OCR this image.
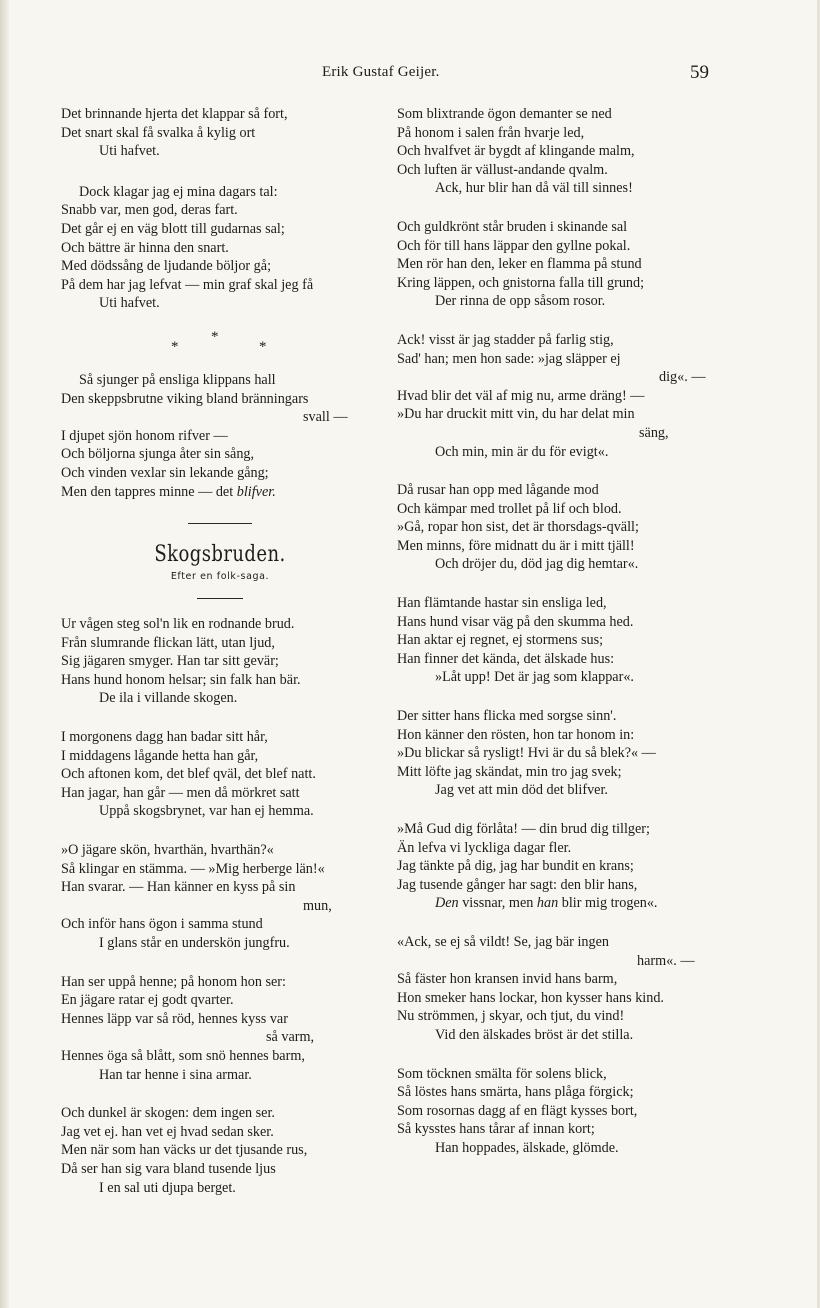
Erik Gustaf Geijer.	59
Det brinnande hjerta det klappar så fort,
Det snart skal få svalka å kylig ort
Uti hafvet.
Dock klagar jag ej mina dagars tal:
Snabb var, men god, deras fart.
Det går ej en väg blott till gudarnas sal;
Och bättre är hinna den snart.
Med dödssång de ljudande böljor gå;
På dem har jag lefvat — min graf skal jeg få
Uti hafvet.
*
*
*
Så sjunger på ensliga klippans hall
Den skeppsbrutne viking bland bränningars
svall —
I djupet sjön honom rifver —
Och böljorna sjunga åter sin sång,
Och vinden vexlar sin lekande gång;
Men den tappres minne — det blifver.
Skogsbruden.
Efter en folk-saga.
Ur vågen steg sol'n lik en rodnande brud.
Från slumrande flickan lätt, utan ljud,
Sig jägaren smyger. Han tar sitt gevär;
Hans hund honom helsar; sin falk han bär.
De ila i villande skogen.
I morgonens dagg han badar sitt hår,
I middagens lågande hetta han går,
Och aftonen kom, det blef qväl, det blef natt.
Han jagar, han går — men då mörkret satt
Uppå skogsbrynet, var han ej hemma.
»O jägare skön, hvarthän, hvarthän?«
Så klingar en stämma. — »Mig herberge län!«
Han svarar. — Han känner en kyss på sin
mun,
Och inför hans ögon i samma stund
I glans står en underskön jungfru.
Han ser uppå henne; på honom hon ser:
En jägare ratar ej godt qvarter.
Hennes läpp var så röd, hennes kyss var
så varm,
Hennes öga så blått, som snö hennes barm,
Han tar henne i sina armar.
Och dunkel är skogen: dem ingen ser.
Jag vet ej. han vet ej hvad sedan sker.
Men när som han väcks ur det tjusande rus,
Då ser han sig vara bland tusende ljus
I en sal uti djupa berget.
Som blixtrande ögon demanter se ned
På honom i salen från hvarje led,
Och hvalfvet är bygdt af klingande malm,
Och luften är vällust-andande qvalm.
Ack, hur blir han då väl till sinnes!
Och guldkrönt står bruden i skinande sal
Och för till hans läppar den gyllne pokal.
Men rör han den, leker en flamma på stund
Kring läppen, och gnistorna falla till grund;
Der rinna de opp såsom rosor.
Ack! visst är jag stadder på farlig stig,
Sad' han; men hon sade: »jag släpper ej
dig«. —
Hvad blir det väl af mig nu, arme dräng! —
»Du har druckit mitt vin, du har delat min
säng,
Och min, min är du för evigt«.
Då rusar han opp med lågande mod
Och kämpar med trollet på lif och blod.
»Gå, ropar hon sist, det är thorsdags-qväll;
Men minns, före midnatt du är i mitt tjäll!
Och dröjer du, död jag dig hemtar«.
Han flämtande hastar sin ensliga led,
Hans hund visar väg på den skumma hed.
Han aktar ej regnet, ej stormens sus;
Han finner det kända, det älskade hus:
»Låt upp! Det är jag som klappar«.
Der sitter hans flicka med sorgse sinn'.
Hon känner den rösten, hon tar honom in:
»Du blickar så rysligt! Hvi är du så blek?« —
Mitt löfte jag skändat, min tro jag svek;
Jag vet att min död det blifver.
»Må Gud dig förlåta! — din brud dig tillger;
Än lefva vi lyckliga dagar fler.
Jag tänkte på dig, jag har bundit en krans;
Jag tusende gånger har sagt: den blir hans,
Den vissnar, men han blir mig trogen«.
«Ack, se ej så vildt! Se, jag bär ingen
harm«. —
Så fäster hon kransen invid hans barm,
Hon smeker hans lockar, hon kysser hans kind.
Nu strömmen, j skyar, och tjut, du vind!
Vid den älskades bröst är det stilla.
Som töcknen smälta för solens blick,
Så löstes hans smärta, hans plåga förgick;
Som rosornas dagg af en flägt kysses bort,
Så kysstes hans tårar af innan kort;
Han hoppades, älskade, glömde.
